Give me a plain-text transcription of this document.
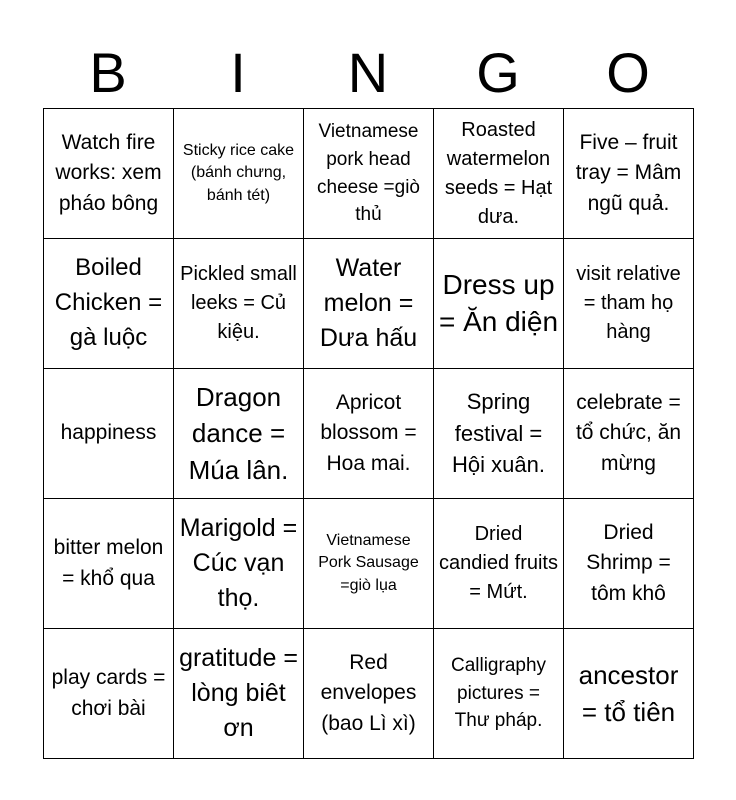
B	I	N	G	O
Watch fire works: xem pháo bông	Sticky rice cake (bánh chưng, bánh tét)	Vietnamese pork head cheese =giò thủ	Roasted watermelon seeds = Hạt dưa.	Five – fruit tray = Mâm ngũ quả.
Boiled Chicken = gà luộc	Pickled small leeks = Củ kiệu.	Water melon = Dưa hấu	Dress up = Ăn diện	visit relative = tham họ hàng
happiness	Dragon dance = Múa lân.	Apricot blossom = Hoa mai.	Spring festival = Hội xuân.	celebrate = tổ chức, ăn mừng
bitter melon = khổ qua	Marigold = Cúc vạn thọ.	Vietnamese Pork Sausage =giò lụa	Dried candied fruits = Mứt.	Dried Shrimp = tôm khô
play cards = chơi bài	gratitude = lòng biêt ơn	Red envelopes (bao Lì xì)	Calligraphy pictures = Thư pháp.	ancestor = tổ tiên
